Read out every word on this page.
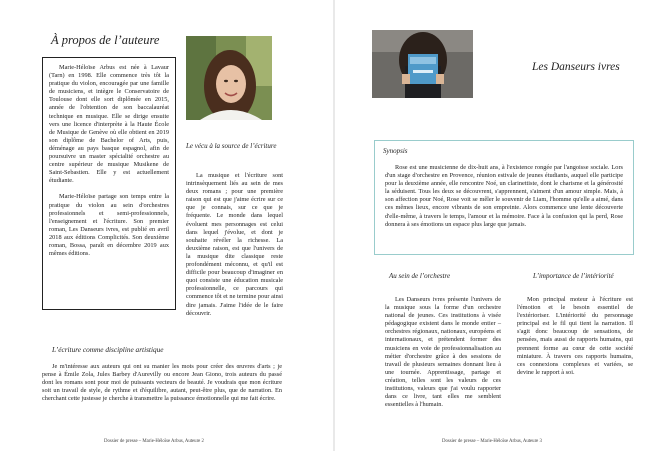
À propos de l’auteure

Marie-Héloïse Arbus est née à Lavaur (Tarn) en 1998. Elle commence très tôt la pratique du violon, encouragée par une famille de musiciens, et intègre le Conservatoire de Toulouse dont elle sort diplômée en 2015, année de l'obtention de son baccalauréat technique en musique. Elle se dirige ensuite vers une licence d'interprète à la Haute École de Musique de Genève où elle obtient en 2019 son diplôme de Bachelor of Arts, puis, déménage au pays basque espagnol, afin de poursuivre un master spécialité orchestre au centre supérieur de musique Musikene de Saint-Sebastien. Elle y est actuellement étudiante.

Marie-Héloïse partage son temps entre la pratique du violon au sein d'orchestres professionnels et semi-professionnels, l'enseignement et l'écriture. Son premier roman, Les Danseurs ivres, est publié en avril 2018 aux éditions Complicités. Son deuxième roman, Bossa, paraît en décembre 2019 aux mêmes éditions.

Le vécu à la source de l’écriture

La musique et l'écriture sont intrinsèquement liés au sein de mes deux romans ; pour une première raison qui est que j'aime écrire sur ce que je connais, sur ce que je fréquente. Le monde dans lequel évoluent mes personnages est celui dans lequel j'évolue, et dont je souhaite révéler la richesse. La deuxième raison, est que l'univers de la musique dite classique reste profondément méconnu, et qu'il est difficile pour beaucoup d'imaginer en quoi consiste une éducation musicale professionnelle, ce parcours qui commence tôt et ne termine pour ainsi dire jamais. J'aime l'idée de le faire découvrir.

L’écriture comme discipline artistique

Je m'intéresse aux auteurs qui ont su manier les mots pour créer des œuvres d'arts ; je pense à Émile Zola, Jules Barbey d'Aurevilly ou encore Jean Giono, trois auteurs du passé dont les romans sont pour moi de puissants vecteurs de beauté. Je voudrais que mon écriture soit un travail de style, de rythme et d'équilibre, autant, peut-être plus, que de narration. En cherchant cette justesse je cherche à transmettre la puissance émotionnelle qui me fait écrire.

Dossier de presse – Marie-Héloïse Arbus, Auteure 2
Les Danseurs ivres
Synopsis

Rose est une musicienne de dix-huit ans, à l'existence rongée par l'angoisse sociale. Lors d'un stage d'orchestre en Provence, réunion estivale de jeunes étudiants, auquel elle participe pour la deuxième année, elle rencontre Noé, un clarinettiste, dont le charisme et la générosité la séduisent. Tous les deux se découvrent, s'apprennent, s'aiment d'un amour simple. Mais, à son affection pour Noé, Rose voit se mêler le souvenir de Liam, l'homme qu'elle a aimé, dans ces mêmes lieux, encore vibrants de son empreinte. Alors commence une lente découverte d'elle-même, à travers le temps, l'amour et la mémoire. Face à la confusion qui la perd, Rose donnera à ses émotions un espace plus large que jamais.

Au sein de l’orchestre

Les Danseurs ivres présente l'univers de la musique sous la forme d'un orchestre national de jeunes. Ces institutions à visée pédagogique existent dans le monde entier – orchestres régionaux, nationaux, européens et internationaux, et prétendent former des musiciens en voie de professionnalisation au métier d'orchestre grâce à des sessions de travail de plusieurs semaines donnant lieu à une tournée. Apprentissage, partage et création, telles sont les valeurs de ces institutions, valeurs que j'ai voulu rapporter dans ce livre, tant elles me semblent essentielles à l'humain.

L’importance de l’intériorité

Mon principal moteur à l'écriture est l'émotion et le besoin essentiel de l'extérioriser. L'intériorité du personnage principal est le fil qui tient la narration. Il s'agit donc beaucoup de sensations, de pensées, mais aussi de rapports humains, qui prennent forme au cœur de cette société miniature. À travers ces rapports humains, ces connexions complexes et variées, se devine le rapport à soi.

Dossier de presse – Marie-Héloïse Arbus, Auteure 3
